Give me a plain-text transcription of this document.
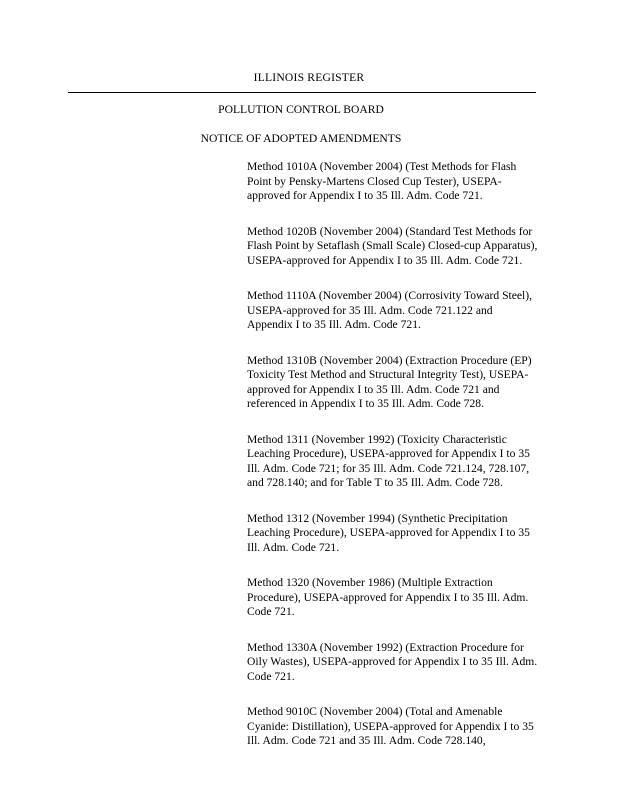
ILLINOIS REGISTER
POLLUTION CONTROL BOARD
NOTICE OF ADOPTED AMENDMENTS
Method 1010A (November 2004) (Test Methods for Flash Point by Pensky-Martens Closed Cup Tester), USEPA-approved for Appendix I to 35 Ill. Adm. Code 721.
Method 1020B (November 2004) (Standard Test Methods for Flash Point by Setaflash (Small Scale) Closed-cup Apparatus), USEPA-approved for Appendix I to 35 Ill. Adm. Code 721.
Method 1110A (November 2004) (Corrosivity Toward Steel), USEPA-approved for 35 Ill. Adm. Code 721.122 and Appendix I to 35 Ill. Adm. Code 721.
Method 1310B (November 2004) (Extraction Procedure (EP) Toxicity Test Method and Structural Integrity Test), USEPA-approved for Appendix I to 35 Ill. Adm. Code 721 and referenced in Appendix I to 35 Ill. Adm. Code 728.
Method 1311 (November 1992) (Toxicity Characteristic Leaching Procedure), USEPA-approved for Appendix I to 35 Ill. Adm. Code 721; for 35 Ill. Adm. Code 721.124, 728.107, and 728.140; and for Table T to 35 Ill. Adm. Code 728.
Method 1312 (November 1994) (Synthetic Precipitation Leaching Procedure), USEPA-approved for Appendix I to 35 Ill. Adm. Code 721.
Method 1320 (November 1986) (Multiple Extraction Procedure), USEPA-approved for Appendix I to 35 Ill. Adm. Code 721.
Method 1330A (November 1992) (Extraction Procedure for Oily Wastes), USEPA-approved for Appendix I to 35 Ill. Adm. Code 721.
Method 9010C (November 2004) (Total and Amenable Cyanide: Distillation), USEPA-approved for Appendix I to 35 Ill. Adm. Code 721 and 35 Ill. Adm. Code 728.140,
